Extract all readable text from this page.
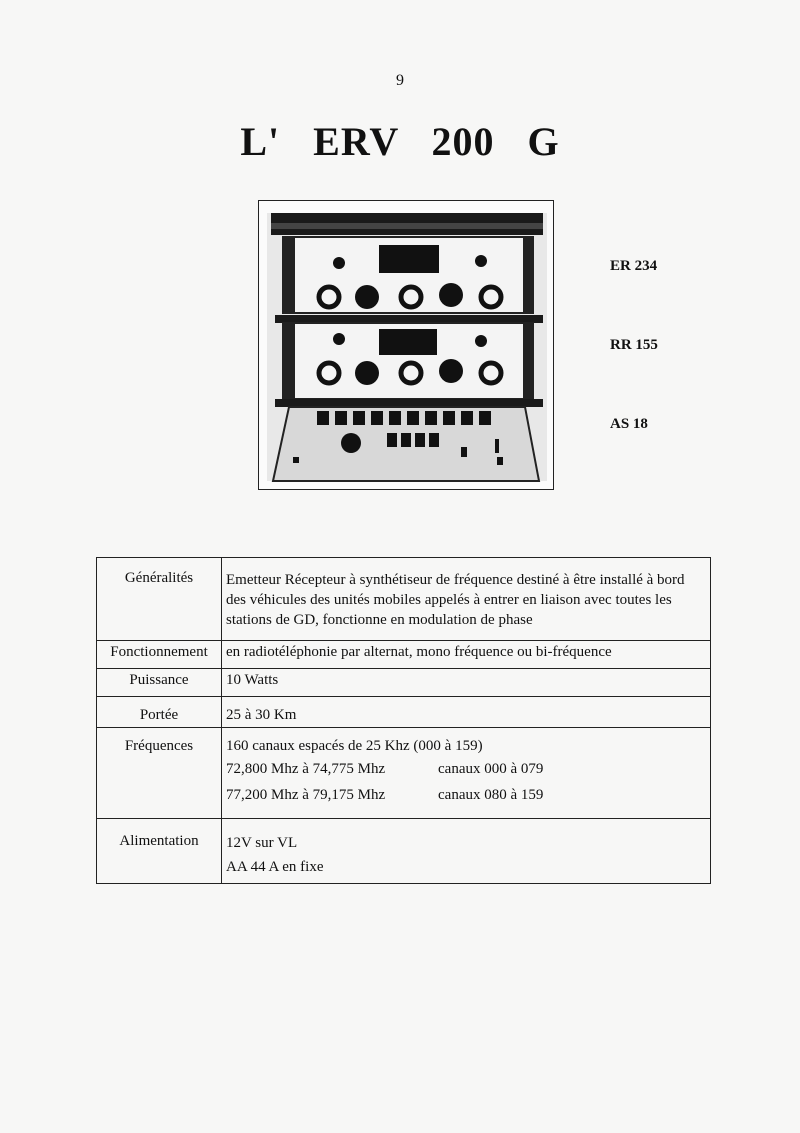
9
L'   ERV   200   G
ER 234
RR 155
AS 18
Généralités	Emetteur Récepteur à synthétiseur de fréquence destiné à être installé à bord des véhicules des unités mobiles appelés à entrer en liaison avec toutes les stations de GD, fonctionne en modulation de phase
Fonctionnement	en radiotéléphonie par alternat, mono fréquence ou bi-fréquence
Puissance	10 Watts
Portée	25 à 30 Km
Fréquences	160 canaux espacés de 25 Khz (000 à 159)
72,800 Mhz à 74,775 Mhz canaux 000 à 079
77,200 Mhz à 79,175 Mhz canaux 080 à 159

Alimentation	12V sur VL
AA 44 A en fixe
